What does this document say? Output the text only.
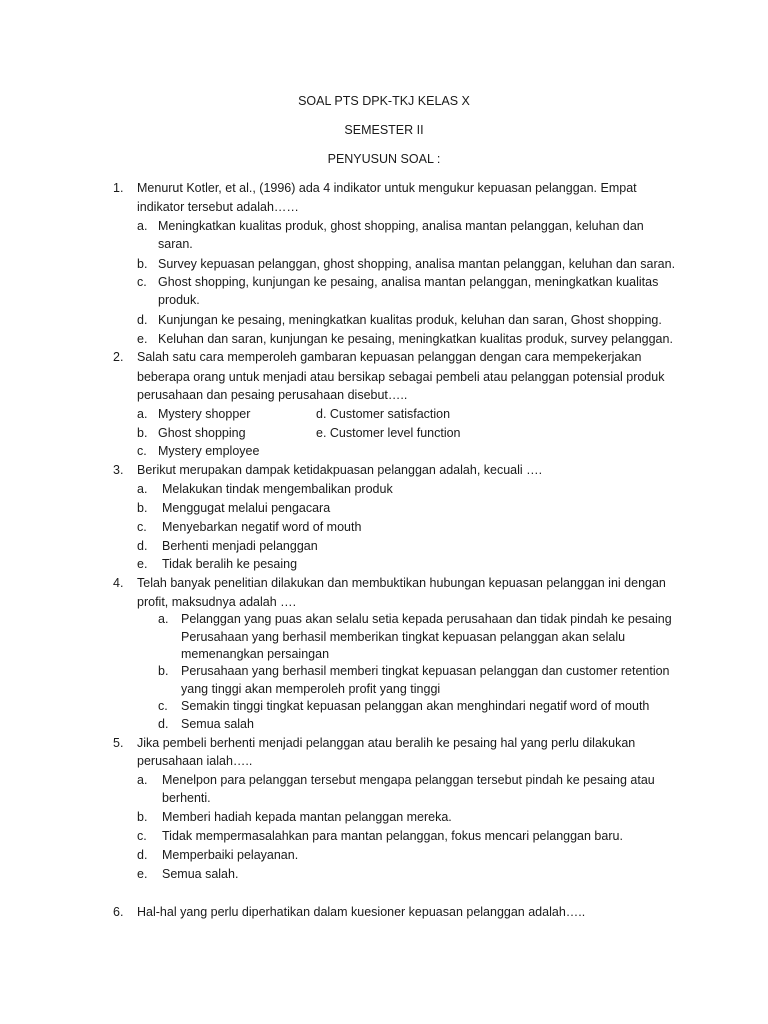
SOAL PTS DPK-TKJ KELAS X
SEMESTER II
PENYUSUN SOAL :
1. Menurut Kotler, et al., (1996) ada 4 indikator untuk mengukur kepuasan pelanggan. Empat
indikator tersebut adalah……
a. Meningkatkan kualitas produk, ghost shopping, analisa mantan pelanggan, keluhan dan
saran.
b. Survey kepuasan pelanggan, ghost shopping, analisa mantan pelanggan, keluhan dan saran.
c. Ghost shopping, kunjungan ke pesaing, analisa mantan pelanggan, meningkatkan kualitas
produk.
d. Kunjungan ke pesaing, meningkatkan kualitas produk, keluhan dan saran, Ghost shopping.
e. Keluhan dan saran, kunjungan ke pesaing, meningkatkan kualitas produk, survey pelanggan.
2. Salah satu cara memperoleh gambaran kepuasan pelanggan dengan cara mempekerjakan
beberapa orang untuk menjadi atau bersikap sebagai pembeli atau pelanggan potensial produk
perusahaan dan pesaing perusahaan disebut…..
a. Mystery shopper	d. Customer satisfaction
b. Ghost shopping	e. Customer level function
c. Mystery employee
3. Berikut merupakan dampak ketidakpuasan pelanggan adalah, kecuali ….
a. Melakukan tindak mengembalikan produk
b. Menggugat melalui pengacara
c. Menyebarkan negatif word of mouth
d. Berhenti menjadi pelanggan
e. Tidak beralih ke pesaing
4. Telah banyak penelitian dilakukan dan membuktikan hubungan kepuasan pelanggan ini dengan
profit, maksudnya adalah ….
a. Pelanggan yang puas akan selalu setia kepada perusahaan dan tidak pindah ke pesaing
Perusahaan yang berhasil memberikan tingkat kepuasan pelanggan akan selalu
memenangkan persaingan
b. Perusahaan yang berhasil memberi tingkat kepuasan pelanggan dan customer retention
yang tinggi akan memperoleh profit yang tinggi
c. Semakin tinggi tingkat kepuasan pelanggan akan menghindari negatif word of mouth
d. Semua salah
5. Jika pembeli berhenti menjadi pelanggan atau beralih ke pesaing hal yang perlu dilakukan
perusahaan ialah…..
a. Menelpon para pelanggan tersebut mengapa pelanggan tersebut pindah ke pesaing atau
berhenti.
b. Memberi hadiah kepada mantan pelanggan mereka.
c. Tidak mempermasalahkan para mantan pelanggan, fokus mencari pelanggan baru.
d. Memperbaiki pelayanan.
e. Semua salah.
6. Hal-hal yang perlu diperhatikan dalam kuesioner kepuasan pelanggan adalah…..
